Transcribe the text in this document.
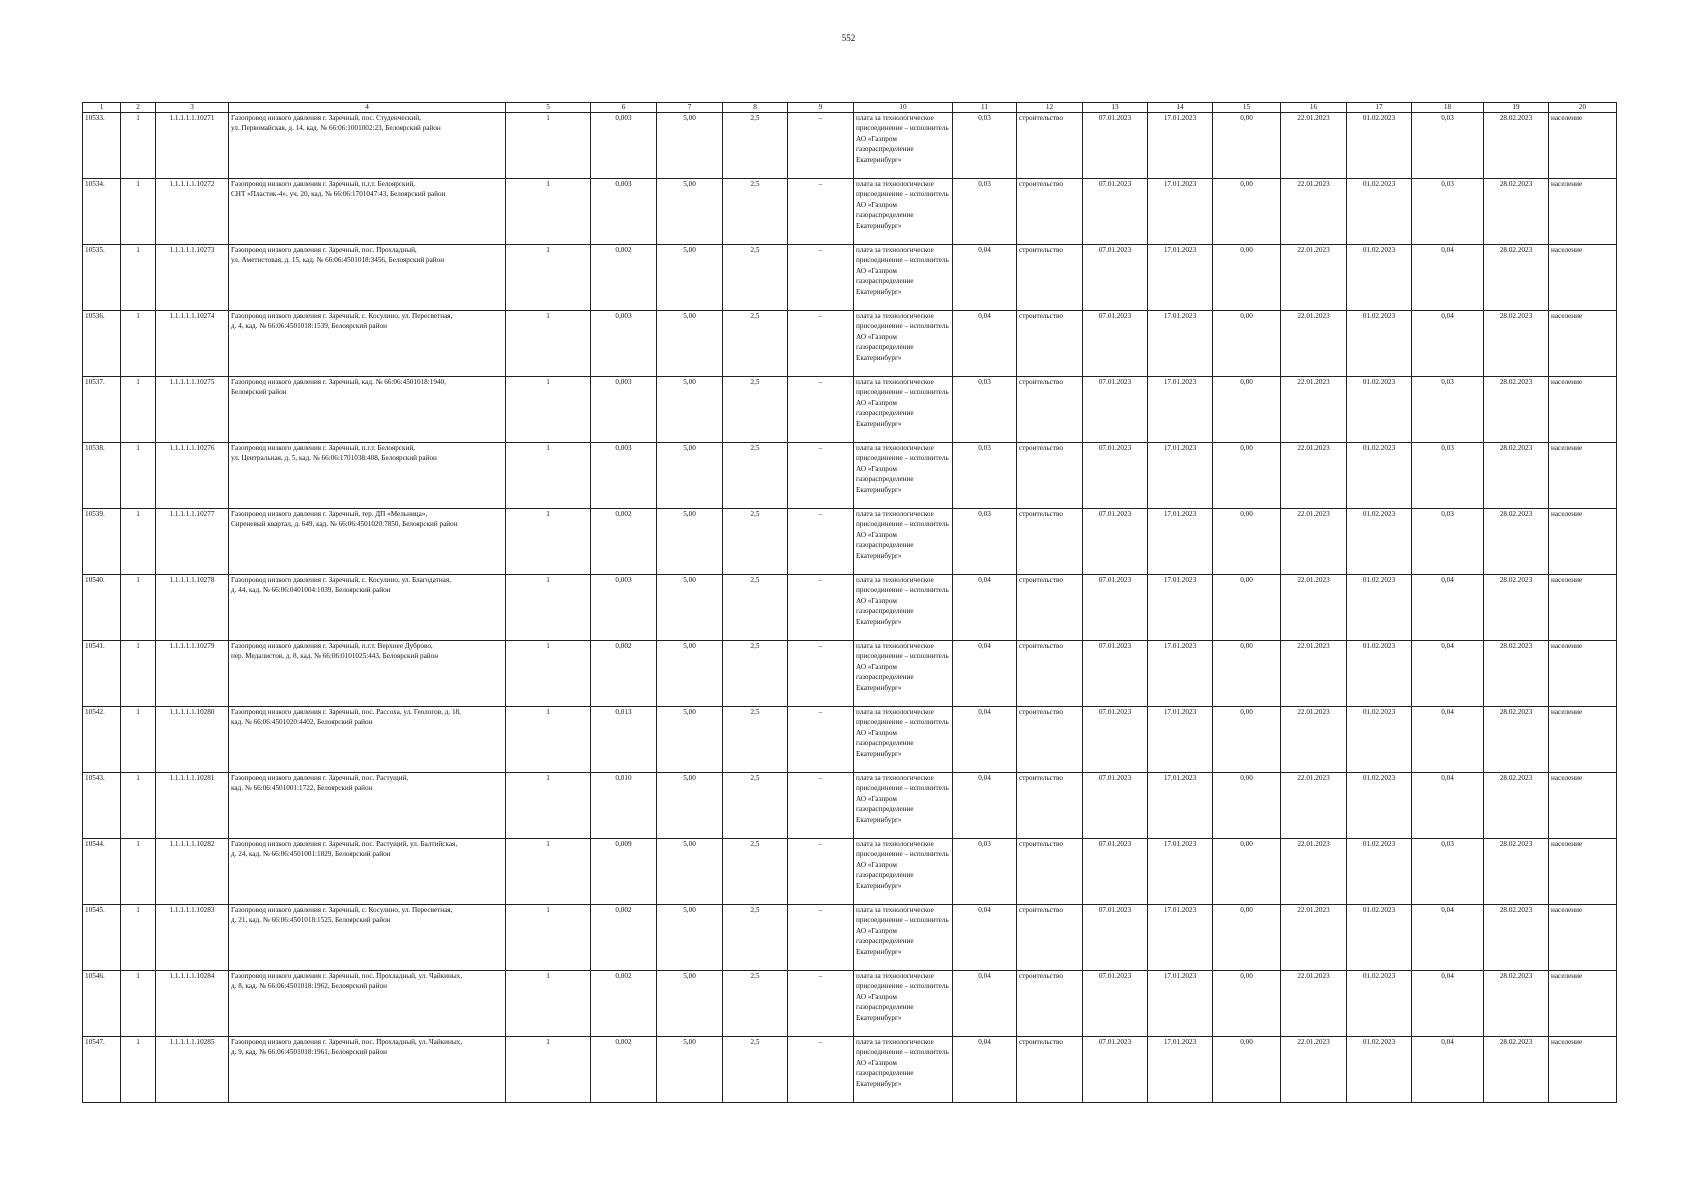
552
1	2	3	4	5	6	7	8	9	10	11	12	13	14	15	16	17	18	19	20
10533.	1	1.1.1.1.1.10271	Газопровод низкого давления г. Заречный, пос. Студенческий,
ул. Первомайская, д. 14, кад. № 66:06:1001002:23, Белоярский район	1	0,003	5,00	2,5	–	плата за технологическое присоединение – исполнитель АО «Газпром газораспределение Екатеринбург»	0,03	строительство	07.01.2023	17.01.2023	0,00	22.01.2023	01.02.2023	0,03	28.02.2023	население
10534.	1	1.1.1.1.1.10272	Газопровод низкого давления г. Заречный, п.г.т. Белоярский,
СНТ «Пластик-4», уч. 20, кад. № 66:06:1701047:43, Белоярский район	1	0,003	5,00	2,5	–	плата за технологическое присоединение – исполнитель АО «Газпром газораспределение Екатеринбург»	0,03	строительство	07.01.2023	17.01.2023	0,00	22.01.2023	01.02.2023	0,03	28.02.2023	население
10535.	1	1.1.1.1.1.10273	Газопровод низкого давления г. Заречный, пос. Прохладный,
ул. Аметистовая, д. 15, кад. № 66:06:4501018:3456, Белоярский район	1	0,002	5,00	2,5	–	плата за технологическое присоединение – исполнитель АО «Газпром газораспределение Екатеринбург»	0,04	строительство	07.01.2023	17.01.2023	0,00	22.01.2023	01.02.2023	0,04	28.02.2023	население
10536.	1	1.1.1.1.1.10274	Газопровод низкого давления г. Заречный, с. Косулино, ул. Пересветная,
д. 4, кад. № 66:06:4501018:1539, Белоярский район	1	0,003	5,00	2,5	–	плата за технологическое присоединение – исполнитель АО «Газпром газораспределение Екатеринбург»	0,04	строительство	07.01.2023	17.01.2023	0,00	22.01.2023	01.02.2023	0,04	28.02.2023	население
10537.	1	1.1.1.1.1.10275	Газопровод низкого давления г. Заречный, кад. № 66:06:4501018:1940,
Белоярский район	1	0,003	5,00	2,5	–	плата за технологическое присоединение – исполнитель АО «Газпром газораспределение Екатеринбург»	0,03	строительство	07.01.2023	17.01.2023	0,00	22.01.2023	01.02.2023	0,03	28.02.2023	население
10538.	1	1.1.1.1.1.10276	Газопровод низкого давления г. Заречный, п.г.т. Белоярский,
ул. Центральная, д. 5, кад. № 66:06:1701038:408, Белоярский район	1	0,003	5,00	2,5	–	плата за технологическое присоединение – исполнитель АО «Газпром газораспределение Екатеринбург»	0,03	строительство	07.01.2023	17.01.2023	0,00	22.01.2023	01.02.2023	0,03	28.02.2023	население
10539.	1	1.1.1.1.1.10277	Газопровод низкого давления г. Заречный, тер. ДП «Мельница»,
Сиреневый квартал, д. 649, кад. № 66:06:4501020:7850, Белоярский район	1	0,002	5,00	2,5	–	плата за технологическое присоединение – исполнитель АО «Газпром газораспределение Екатеринбург»	0,03	строительство	07.01.2023	17.01.2023	0,00	22.01.2023	01.02.2023	0,03	28.02.2023	население
10540.	1	1.1.1.1.1.10278	Газопровод низкого давления г. Заречный, с. Косулино, ул. Благодатная,
д. 44, кад. № 66:06:0401004:1039, Белоярский район	1	0,003	5,00	2,5	–	плата за технологическое присоединение – исполнитель АО «Газпром газораспределение Екатеринбург»	0,04	строительство	07.01.2023	17.01.2023	0,00	22.01.2023	01.02.2023	0,04	28.02.2023	население
10541.	1	1.1.1.1.1.10279	Газопровод низкого давления г. Заречный, п.г.т. Верхнее Дуброво,
пер. Медалистов, д. 8, кад. № 66:06:0101025:443, Белоярский район	1	0,002	5,00	2,5	–	плата за технологическое присоединение – исполнитель АО «Газпром газораспределение Екатеринбург»	0,04	строительство	07.01.2023	17.01.2023	0,00	22.01.2023	01.02.2023	0,04	28.02.2023	население
10542.	1	1.1.1.1.1.10280	Газопровод низкого давления г. Заречный, пос. Рассоха, ул. Геологов, д. 18,
кад. № 66:06:4501020:4402, Белоярский район	1	0,013	5,00	2,5	–	плата за технологическое присоединение – исполнитель АО «Газпром газораспределение Екатеринбург»	0,04	строительство	07.01.2023	17.01.2023	0,00	22.01.2023	01.02.2023	0,04	28.02.2023	население
10543.	1	1.1.1.1.1.10281	Газопровод низкого давления г. Заречный, пос. Растущий,
кад. № 66:06:4501001:1722, Белоярский район	1	0,010	5,00	2,5	–	плата за технологическое присоединение – исполнитель АО «Газпром газораспределение Екатеринбург»	0,04	строительство	07.01.2023	17.01.2023	0,00	22.01.2023	01.02.2023	0,04	28.02.2023	население
10544.	1	1.1.1.1.1.10282	Газопровод низкого давления г. Заречный, пос. Растущий, ул. Балтийская,
д. 24, кад. № 66:06:4501001:1829, Белоярский район	1	0,009	5,00	2,5	–	плата за технологическое присоединение – исполнитель АО «Газпром газораспределение Екатеринбург»	0,03	строительство	07.01.2023	17.01.2023	0,00	22.01.2023	01.02.2023	0,03	28.02.2023	население
10545.	1	1.1.1.1.1.10283	Газопровод низкого давления г. Заречный, с. Косулино, ул. Пересветная,
д. 21, кад. № 66:06:4501018:1525, Белоярский район	1	0,002	5,00	2,5	–	плата за технологическое присоединение – исполнитель АО «Газпром газораспределение Екатеринбург»	0,04	строительство	07.01.2023	17.01.2023	0,00	22.01.2023	01.02.2023	0,04	28.02.2023	население
10546.	1	1.1.1.1.1.10284	Газопровод низкого давления г. Заречный, пос. Прохладный, ул. Чайкиных,
д. 8, кад. № 66:06:4501018:1962, Белоярский район	1	0,002	5,00	2,5	–	плата за технологическое присоединение – исполнитель АО «Газпром газораспределение Екатеринбург»	0,04	строительство	07.01.2023	17.01.2023	0,00	22.01.2023	01.02.2023	0,04	28.02.2023	население
10547.	1	1.1.1.1.1.10285	Газопровод низкого давления г. Заречный, пос. Прохладный, ул. Чайкиных,
д. 9, кад. № 66:06:4501018:1961, Белоярский район	1	0,002	5,00	2,5	–	плата за технологическое присоединение – исполнитель АО «Газпром газораспределение Екатеринбург»	0,04	строительство	07.01.2023	17.01.2023	0,00	22.01.2023	01.02.2023	0,04	28.02.2023	население
